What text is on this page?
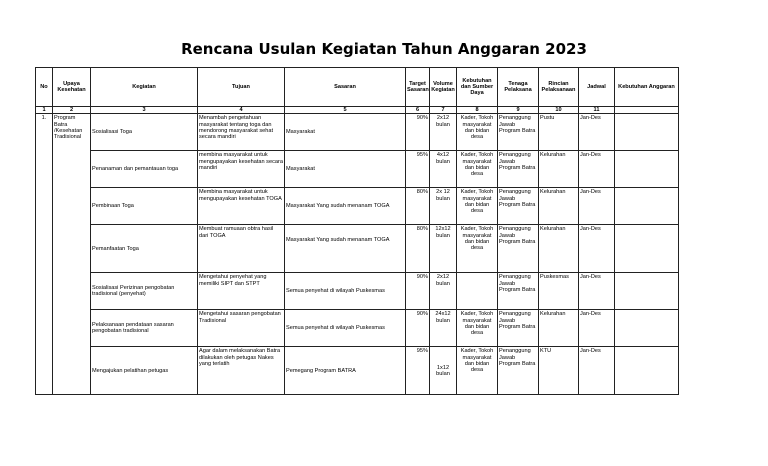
Rencana Usulan Kegiatan Tahun Anggaran 2023
No	Upaya Kesehatan	Kegiatan	Tujuan	Sasaran	Target Sasaran	Volume Kegiatan	Kebutuhan dan Sumber Daya	Tenaga Pelaksana	Rincian Pelaksanaan	Jadwal	Kebutuhan Anggaran
1	2	3	4	5	6	7	8	9	10	11	
1.	Program Batra /Kesehatan Tradisional	Sosialisasi Toga	Menambah pengetahuan masyarakat tentang toga dan mendorong masyarakat sehat secara mandiri	Masyarakat	90%	2x12 bulan	Kader, Tokoh masyarakat dan bidan desa	Penanggung Jawab Program Batra	Pustu	Jan-Des	
		Penanaman dan pemantauan toga	membina masyarakat untuk mengupayakan kesehatan secara mandiri	Masyarakat	95%	4x12 bulan	Kader, Tokoh masyarakat dan bidan desa	Penanggung Jawab Program Batra	Kelurahan	Jan-Des	
		Pembinaan Toga	Membina masyarakat untuk mengupayakan kesehatan TOGA	Masyarakat Yang sudah menanam TOGA	80%	2x 12 bulan	Kader, Tokoh masyarakat dan bidan desa	Penanggung Jawab Program Batra	Kelurahan	Jan-Des	
		Pemanfaatan Toga	Membuat ramuaan obtra hasil dari TOGA	Masyarakat Yang sudah menanam TOGA	80%	12x12 bulan	Kader, Tokoh masyarakat dan bidan desa	Penanggung Jawab Program Batra	Kelurahan	Jan-Des	
		Sosialisasi Perizinan pengobatan tradisional (penyehat)	Mengetahui penyehat yang memiliki SIPT dan STPT	Semua penyehat di wilayah Puskesmas	90%	2x12 bulan		Penanggung Jawab Program Batra	Puskesmas	Jan-Des	
		Pelaksanaan pendataan sasaran pengobatan tradisional	Mengetahui sasaran pengobatan Tradisional	Semua penyehat di wilayah Puskesmas	90%	24x12 bulan	Kader, Tokoh masyarakat dan bidan desa	Penanggung Jawab Program Batra	Kelurahan	Jan-Des	
		Mengajukan pelatihan petugas	Agar dalam melaksanakan Batra dilakukan oleh petugas Nakes yang terlatih	Pemegang Program BATRA	95%	1x12 bulan	Kader, Tokoh masyarakat dan bidan desa	Penanggung Jawab Program Batra	KTU	Jan-Des	
